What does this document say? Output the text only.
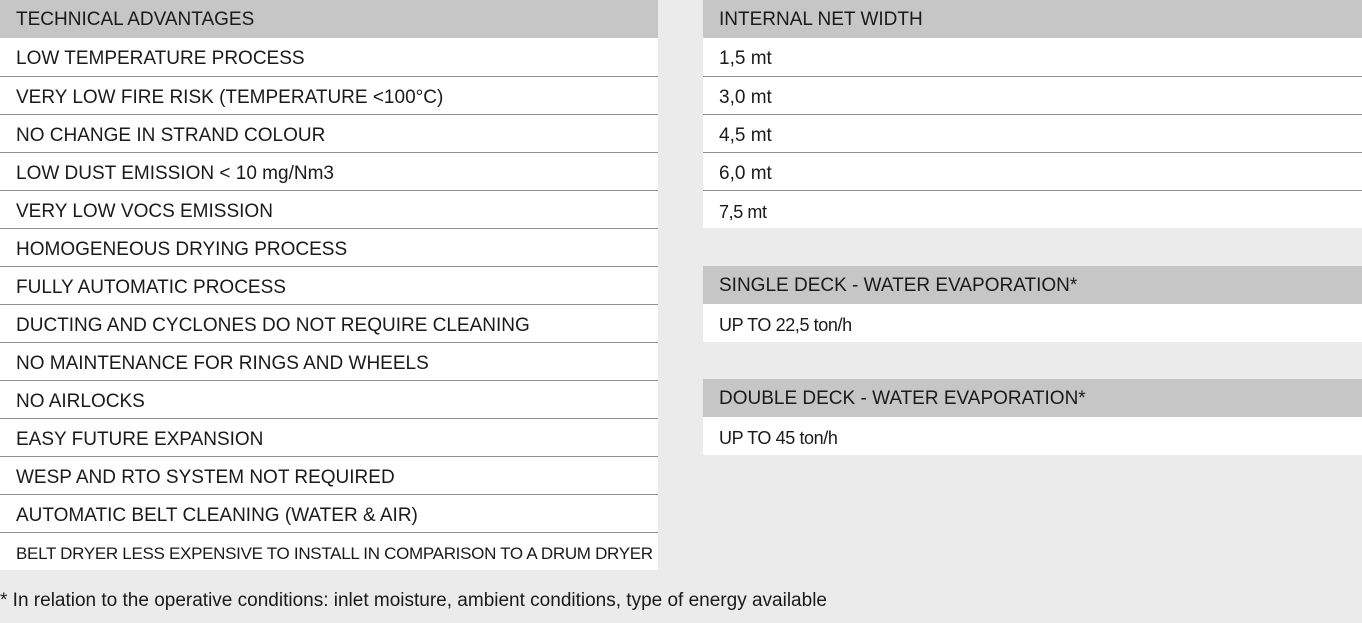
TECHNICAL ADVANTAGES
LOW TEMPERATURE PROCESS
VERY LOW FIRE RISK (TEMPERATURE <100°C)
NO CHANGE IN STRAND COLOUR
LOW DUST EMISSION < 10 mg/Nm3
VERY LOW VOCS EMISSION
HOMOGENEOUS DRYING PROCESS
FULLY AUTOMATIC PROCESS
DUCTING AND CYCLONES DO NOT REQUIRE CLEANING
NO MAINTENANCE FOR RINGS AND WHEELS
NO AIRLOCKS
EASY FUTURE EXPANSION
WESP AND RTO SYSTEM NOT REQUIRED
AUTOMATIC BELT CLEANING (WATER & AIR)
BELT DRYER LESS EXPENSIVE TO INSTALL IN COMPARISON TO A DRUM DRYER
INTERNAL NET WIDTH
1,5 mt
3,0 mt
4,5 mt
6,0 mt
7,5 mt
SINGLE DECK - WATER EVAPORATION*
UP TO 22,5 ton/h
DOUBLE DECK - WATER EVAPORATION*
UP TO 45 ton/h
* In relation to the operative conditions: inlet moisture, ambient conditions, type of energy available
